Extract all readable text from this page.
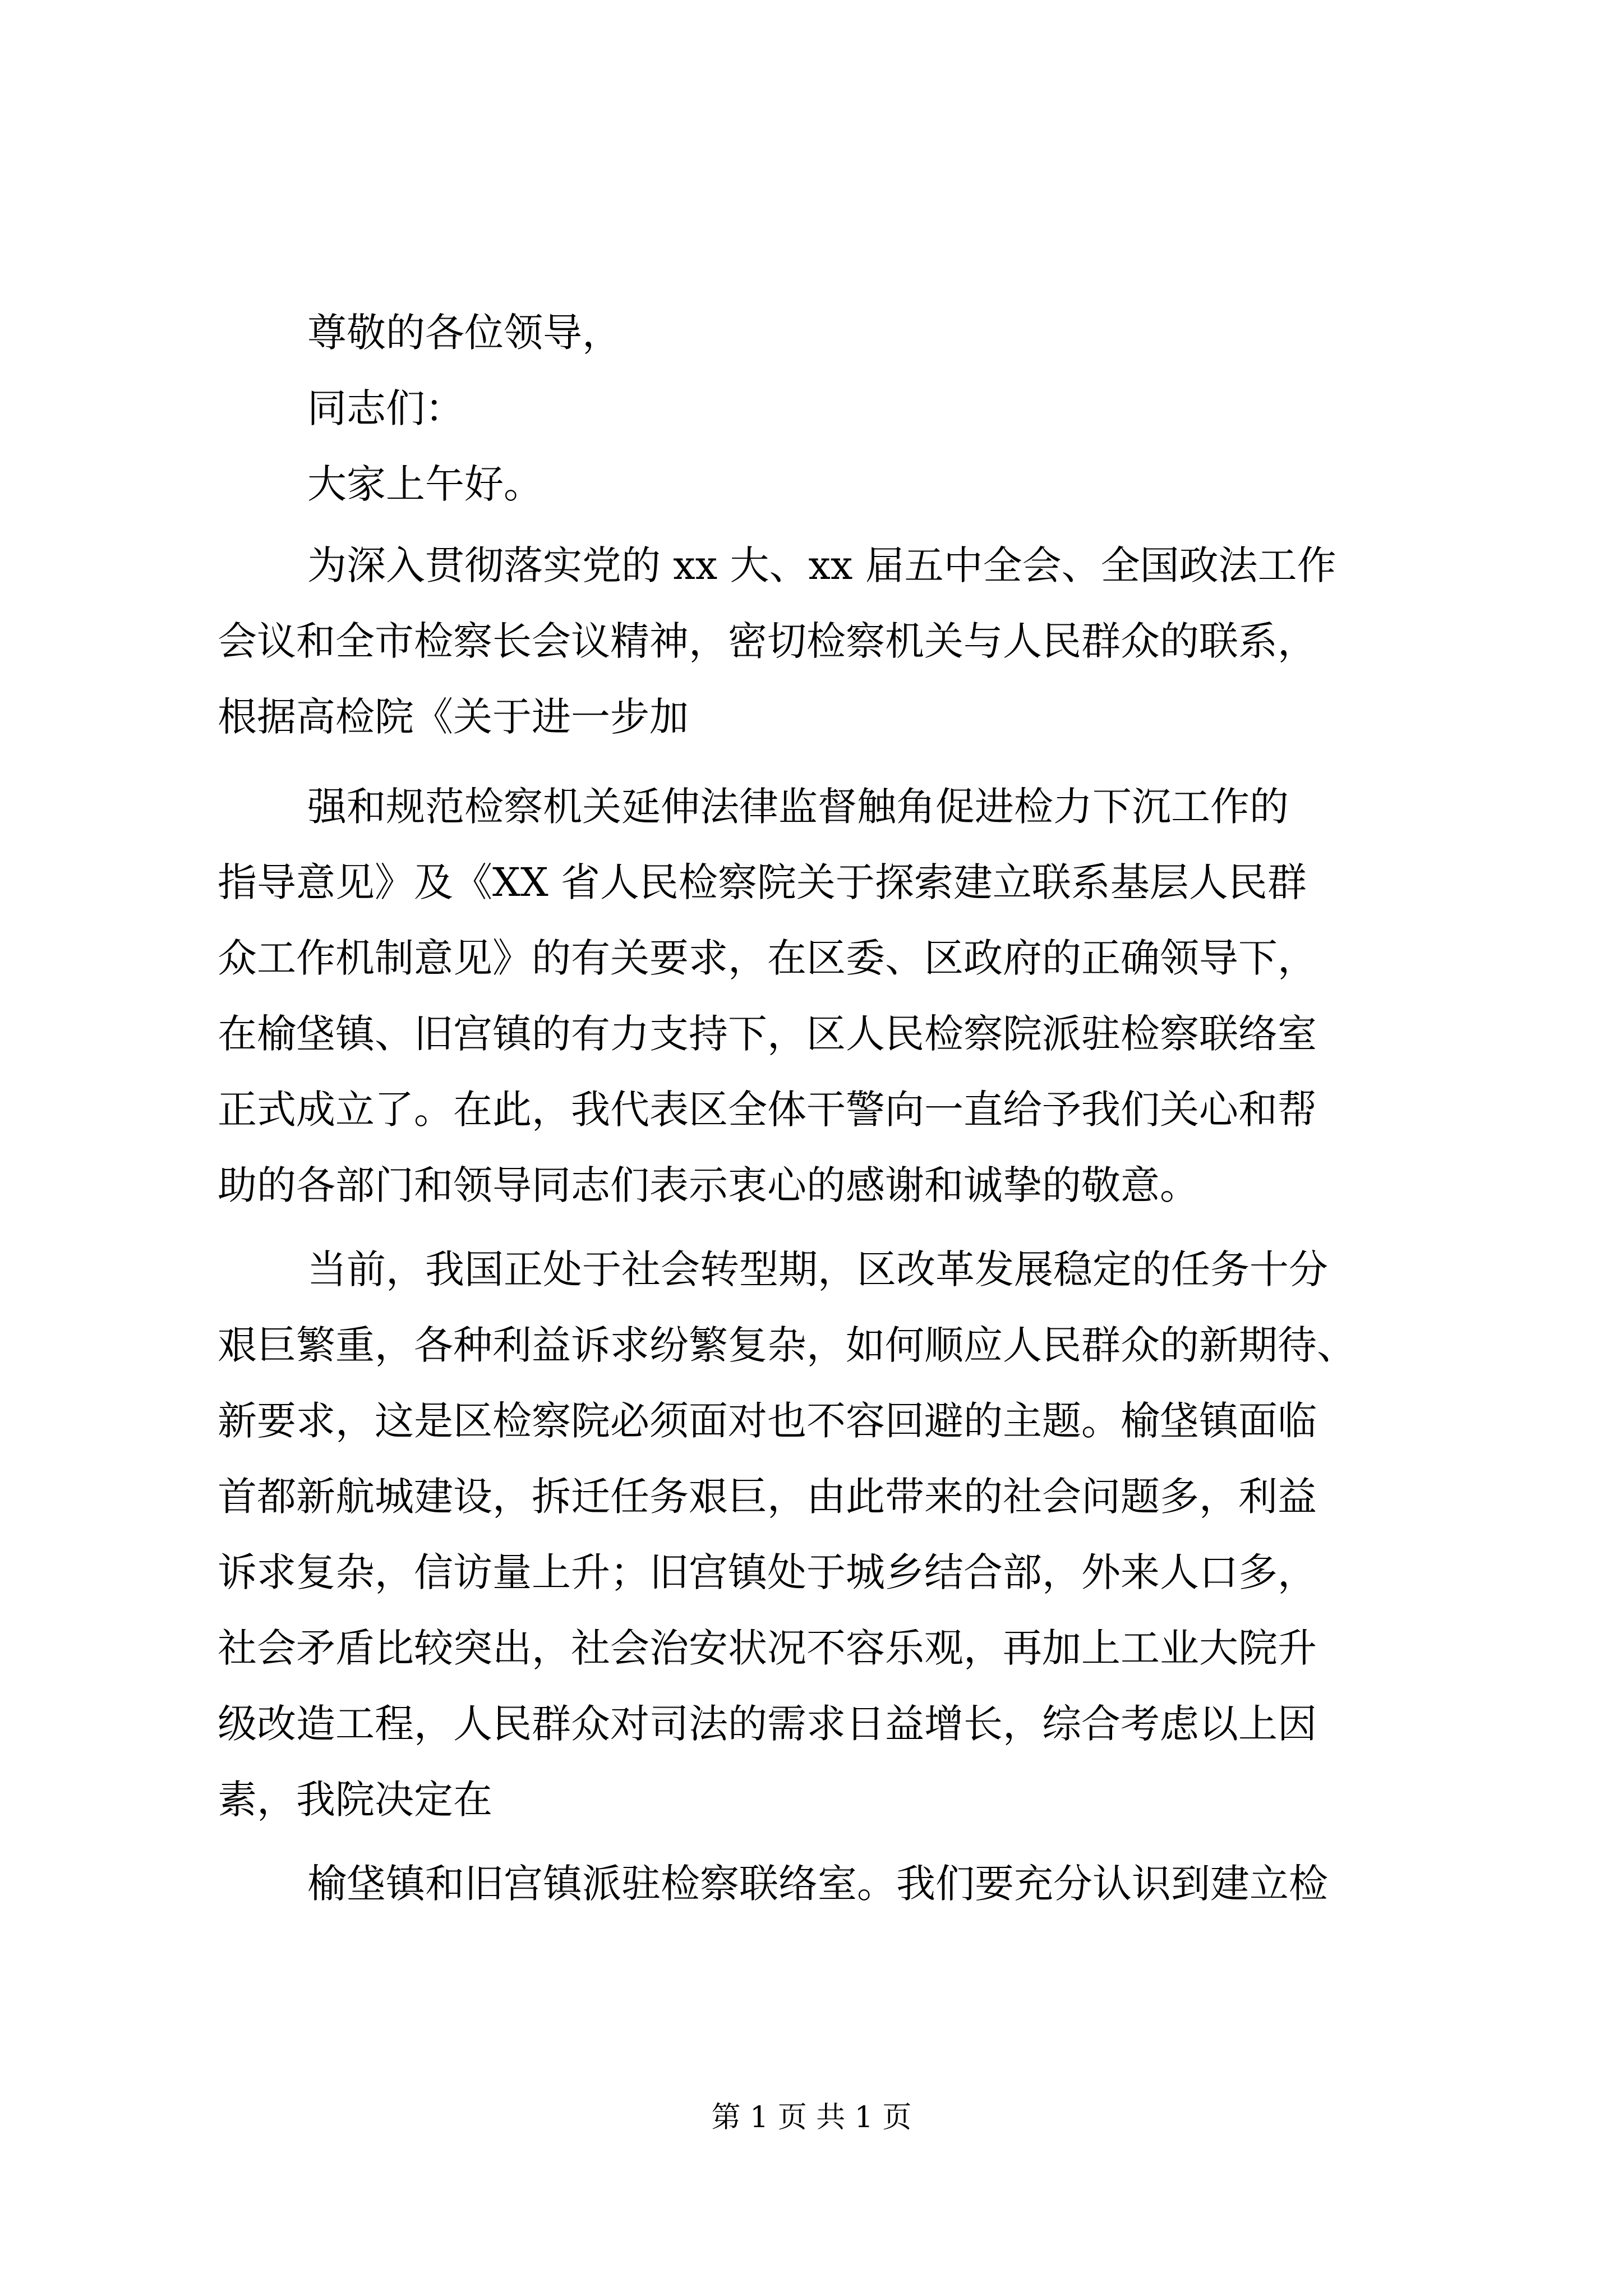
尊敬的各位领导，
同志们：
大家上午好。
为深入贯彻落实党的 xx 大、xx 届五中全会、全国政法工作
会议和全市检察长会议精神，密切检察机关与人民群众的联系，
根据高检院《关于进一步加
强和规范检察机关延伸法律监督触角促进检力下沉工作的
指导意见》及《XX 省人民检察院关于探索建立联系基层人民群
众工作机制意见》的有关要求，在区委、区政府的正确领导下，
在榆垡镇、旧宫镇的有力支持下，区人民检察院派驻检察联络室
正式成立了。在此，我代表区全体干警向一直给予我们关心和帮
助的各部门和领导同志们表示衷心的感谢和诚挚的敬意。
当前，我国正处于社会转型期，区改革发展稳定的任务十分
艰巨繁重，各种利益诉求纷繁复杂，如何顺应人民群众的新期待、
新要求，这是区检察院必须面对也不容回避的主题。榆垡镇面临
首都新航城建设，拆迁任务艰巨，由此带来的社会问题多，利益
诉求复杂，信访量上升；旧宫镇处于城乡结合部，外来人口多，
社会矛盾比较突出，社会治安状况不容乐观，再加上工业大院升
级改造工程，人民群众对司法的需求日益增长，综合考虑以上因
素，我院决定在
榆垡镇和旧宫镇派驻检察联络室。我们要充分认识到建立检
第 1 页 共 1 页
